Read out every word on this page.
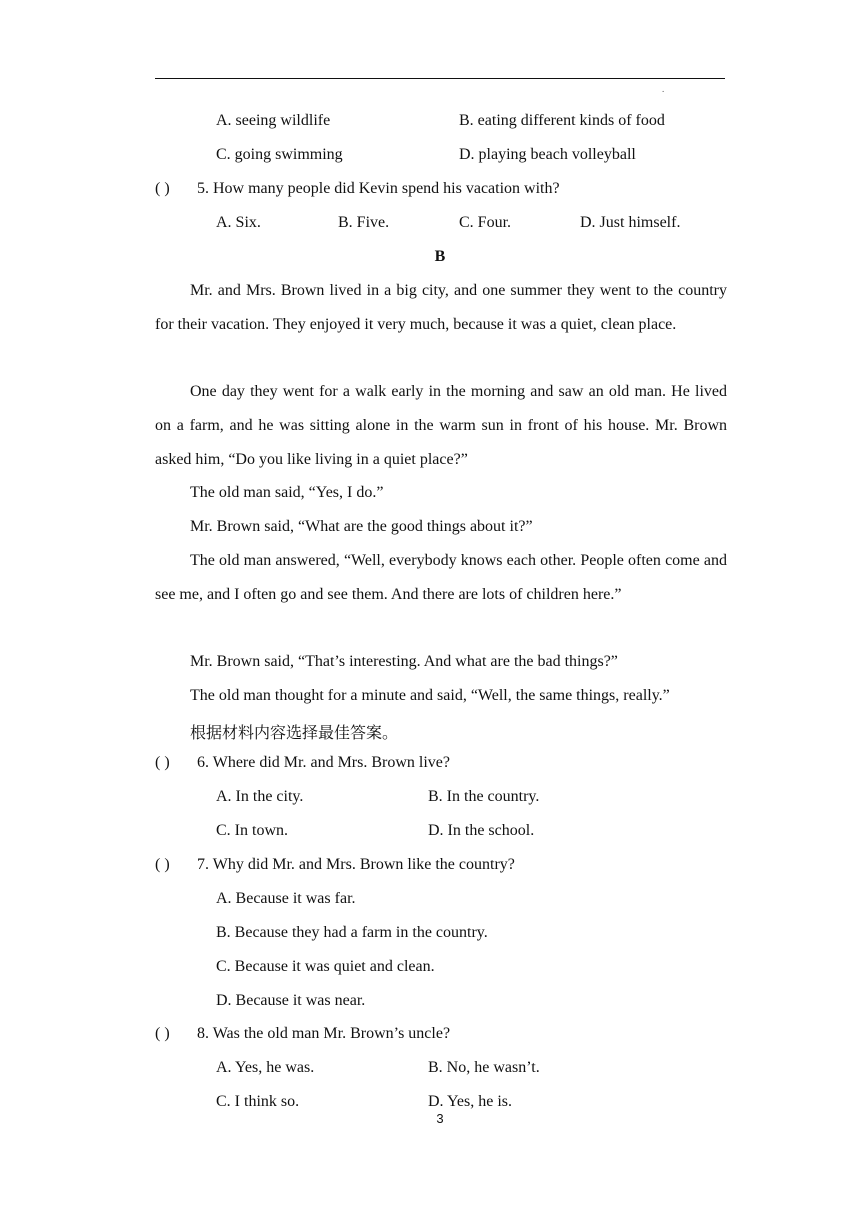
.
A. seeing wildlife	B. eating different kinds of food
C. going swimming	D. playing beach volleyball
( ) 5. How many people did Kevin spend his vacation with?
A. Six.	B. Five.	C. Four.	D. Just himself.
B
Mr. and Mrs. Brown lived in a big city, and one summer they went to the country for their vacation. They enjoyed it very much, because it was a quiet, clean place.
One day they went for a walk early in the morning and saw an old man. He lived on a farm, and he was sitting alone in the warm sun in front of his house. Mr. Brown asked him, “Do you like living in a quiet place?”
The old man said, “Yes, I do.”
Mr. Brown said, “What are the good things about it?”
The old man answered, “Well, everybody knows each other. People often come and see me, and I often go and see them. And there are lots of children here.”
Mr. Brown said, “That’s interesting. And what are the bad things?”
The old man thought for a minute and said, “Well, the same things, really.”
根据材料内容选择最佳答案。
( ) 6. Where did Mr. and Mrs. Brown live?
A. In the city.	B. In the country.
C. In town.	D. In the school.
( ) 7. Why did Mr. and Mrs. Brown like the country?
A. Because it was far.
B. Because they had a farm in the country.
C. Because it was quiet and clean.
D. Because it was near.
( ) 8. Was the old man Mr. Brown’s uncle?
A. Yes, he was.	B. No, he wasn’t.
C. I think so.	D. Yes, he is.
3
